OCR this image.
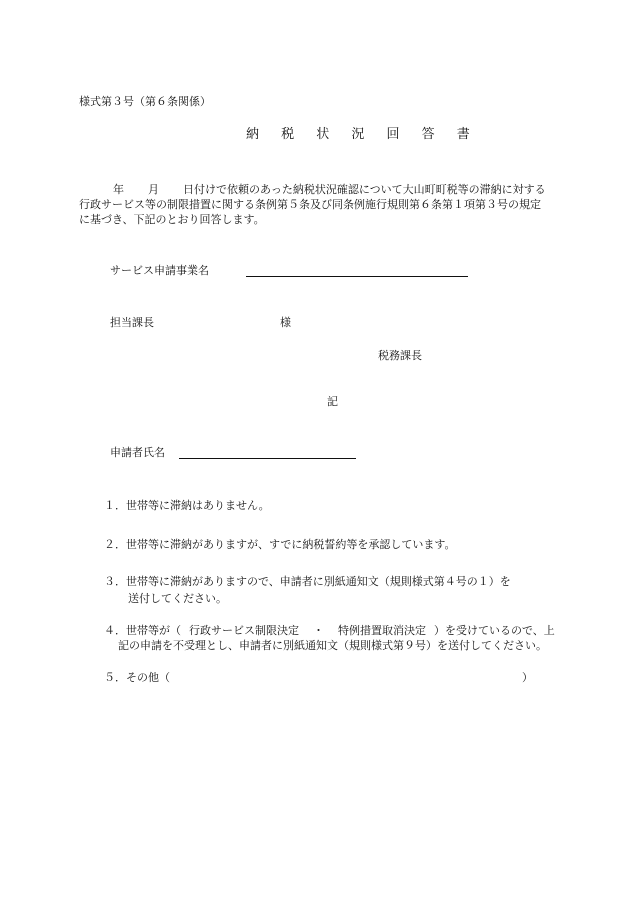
様式第３号（第６条関係）
納 税 状 況 回 答 書
年 月 日付けで依頼のあった納税状況確認について大山町町税等の滞納に対する
行政サービス等の制限措置に関する条例第５条及び同条例施行規則第６条第１項第３号の規定
に基づき、下記のとおり回答します。
サービス申請事業名
担当課長	様
税務課長
記
申請者氏名
１．世帯等に滞納はありません。
２．世帯等に滞納がありますが、すでに納税誓約等を承認しています。
３．世帯等に滞納がありますので、申請者に別紙通知文（規則様式第４号の１）を
送付してください。
４．世帯等が（ 行政サービス制限決定 ・ 特例措置取消決定 ）を受けているので、上
記の申請を不受理とし、申請者に別紙通知文（規則様式第９号）を送付してください。
５．その他（	）
